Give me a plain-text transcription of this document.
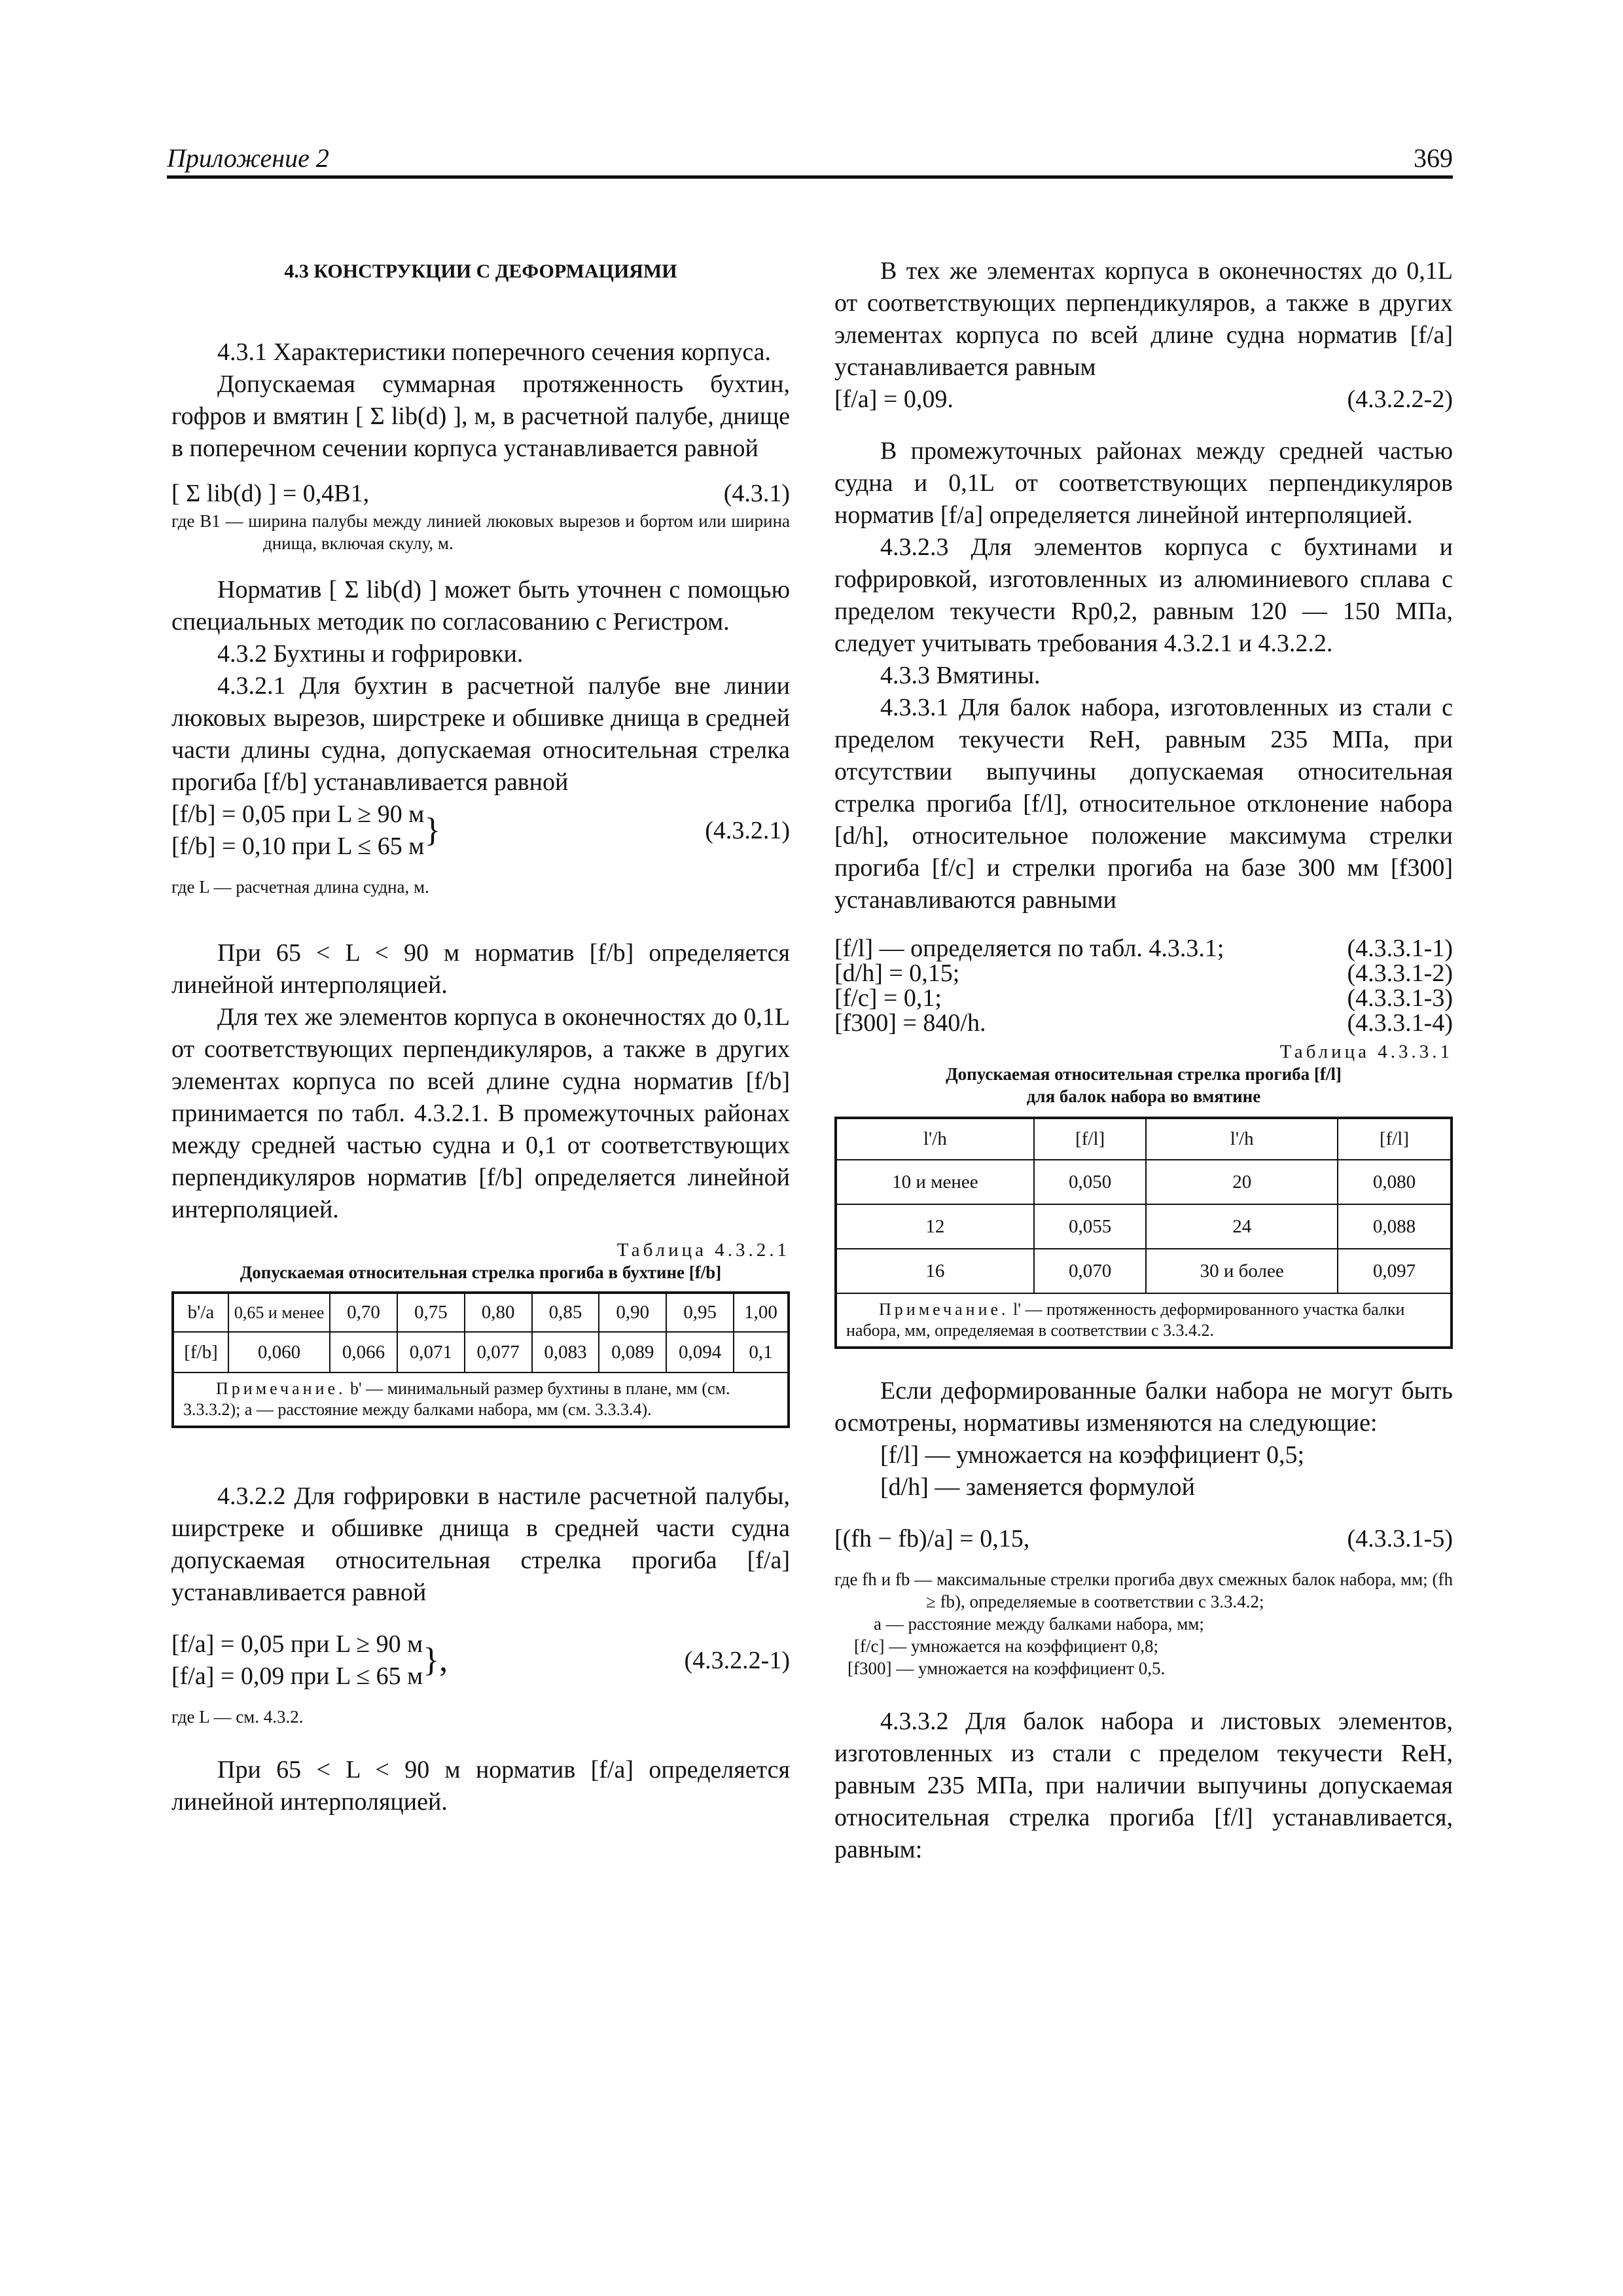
Приложение 2	369
4.3 КОНСТРУКЦИИ С ДЕФОРМАЦИЯМИ

4.3.1 Характеристики поперечного сечения корпуса.

Допускаемая суммарная протяженность бухтин, гофров и вмятин [ Σ lib(d) ], м, в расчетной палубе, днище в поперечном сечении корпуса устанавливается равной

[ Σ lib(d) ] = 0,4B1,	(4.3.1)

где B1 — ширина палубы между линией люковых вырезов и бортом или ширина днища, включая скулу, м.

Норматив [ Σ lib(d) ] может быть уточнен с помощью специальных методик по согласованию с Регистром.

4.3.2 Бухтины и гофрировки.

4.3.2.1 Для бухтин в расчетной палубе вне линии люковых вырезов, ширстреке и обшивке днища в средней части длины судна, допускаемая относительная стрелка прогиба [f/b] устанавливается равной

[f/b] = 0,05 при L ≥ 90 м
[f/b] = 0,10 при L ≤ 65 м }	(4.3.2.1)

где L — расчетная длина судна, м.

При 65 < L < 90 м норматив [f/b] определяется линейной интерполяцией.

Для тех же элементов корпуса в оконечностях до 0,1L от соответствующих перпендикуляров, а также в других элементах корпуса по всей длине судна норматив [f/b] принимается по табл. 4.3.2.1. В промежуточных районах между средней частью судна и 0,1 от соответствующих перпендикуляров норматив [f/b] определяется линейной интерполяцией.

Таблица 4.3.2.1
Допускаемая относительная стрелка прогиба в бухтине [f/b]
b'/a	0,65 и менее	0,70	0,75	0,80	0,85	0,90	0,95	1,00
[f/b]	0,060	0,066	0,071	0,077	0,083	0,089	0,094	0,1
Примечание. b' — минимальный размер бухтины в плане, мм (см. 3.3.3.2); a — расстояние между балками набора, мм (см. 3.3.3.4).								

4.3.2.2 Для гофрировки в настиле расчетной палубы, ширстреке и обшивке днища в средней части судна допускаемая относительная стрелка прогиба [f/a] устанавливается равной

[f/a] = 0,05 при L ≥ 90 м
[f/a] = 0,09 при L ≤ 65 м },	(4.3.2.2-1)

где L — см. 4.3.2.

При 65 < L < 90 м норматив [f/a] определяется линейной интерполяцией.

В тех же элементах корпуса в оконечностях до 0,1L от соответствующих перпендикуляров, а также в других элементах корпуса по всей длине судна норматив [f/a] устанавливается равным

[f/a] = 0,09.	(4.3.2.2-2)

В промежуточных районах между средней частью судна и 0,1L от соответствующих перпендикуляров норматив [f/a] определяется линейной интерполяцией.

4.3.2.3 Для элементов корпуса с бухтинами и гофрировкой, изготовленных из алюминиевого сплава с пределом текучести Rp0,2, равным 120 — 150 МПа, следует учитывать требования 4.3.2.1 и 4.3.2.2.

4.3.3 Вмятины.

4.3.3.1 Для балок набора, изготовленных из стали с пределом текучести ReH, равным 235 МПа, при отсутствии выпучины допускаемая относительная стрелка прогиба [f/l], относительное отклонение набора [d/h], относительное положение максимума стрелки прогиба [f/c] и стрелки прогиба на базе 300 мм [f300] устанавливаются равными

[f/l] — определяется по табл. 4.3.3.1;	(4.3.3.1-1)
[d/h] = 0,15;	(4.3.3.1-2)
[f/c] = 0,1;	(4.3.3.1-3)
[f300] = 840/h.	(4.3.3.1-4)
Таблица 4.3.3.1
Допускаемая относительная стрелка прогиба [f/l]
для балок набора во вмятине
l'/h	[f/l]	l'/h	[f/l]
10 и менее	0,050	20	0,080
12	0,055	24	0,088
16	0,070	30 и более	0,097
Примечание. l' — протяженность деформированного участка балки набора, мм, определяемая в соответствии с 3.3.4.2.			

Если деформированные балки набора не могут быть осмотрены, нормативы изменяются на следующие:

[f/l] — умножается на коэффициент 0,5;

[d/h] — заменяется формулой

[(fh − fb)/a] = 0,15,	(4.3.3.1-5)

где fh и fb — максимальные стрелки прогиба двух смежных балок набора, мм; (fh ≥ fb), определяемые в соответствии с 3.3.4.2;

a — расстояние между балками набора, мм;

[f/c] — умножается на коэффициент 0,8;

[f300] — умножается на коэффициент 0,5.

4.3.3.2 Для балок набора и листовых элементов, изготовленных из стали с пределом текучести ReH, равным 235 МПа, при наличии выпучины допускаемая относительная стрелка прогиба [f/l] устанавливается, равным:
